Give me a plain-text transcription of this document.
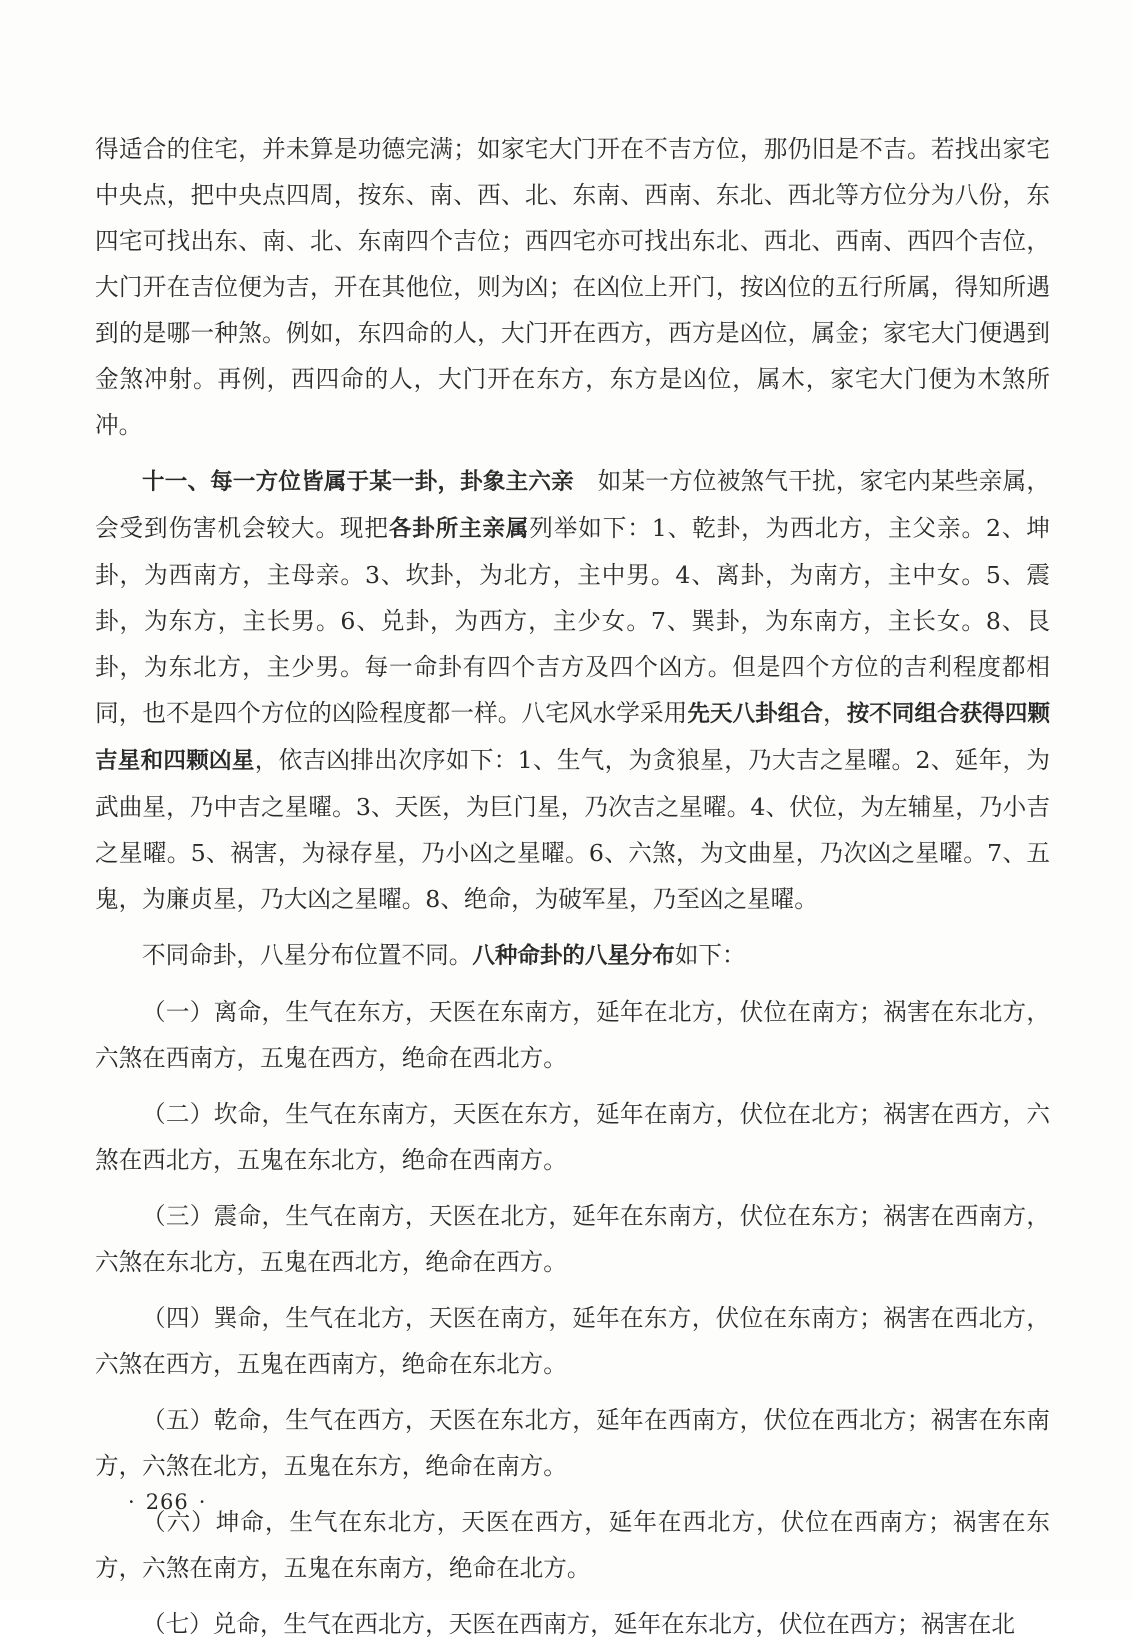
得适合的住宅，并未算是功德完满；如家宅大门开在不吉方位，那仍旧是不吉。若找出家宅中央点，把中央点四周，按东、南、西、北、东南、西南、东北、西北等方位分为八份，东四宅可找出东、南、北、东南四个吉位；西四宅亦可找出东北、西北、西南、西四个吉位，大门开在吉位便为吉，开在其他位，则为凶；在凶位上开门，按凶位的五行所属，得知所遇到的是哪一种煞。例如，东四命的人，大门开在西方，西方是凶位，属金；家宅大门便遇到金煞冲射。再例，西四命的人，大门开在东方，东方是凶位，属木，家宅大门便为木煞所冲。

十一、每一方位皆属于某一卦，卦象主六亲　如某一方位被煞气干扰，家宅内某些亲属，会受到伤害机会较大。现把各卦所主亲属列举如下：1、乾卦，为西北方，主父亲。2、坤卦，为西南方，主母亲。3、坎卦，为北方，主中男。4、离卦，为南方，主中女。5、震卦，为东方，主长男。6、兑卦，为西方，主少女。7、巽卦，为东南方，主长女。8、艮卦，为东北方，主少男。每一命卦有四个吉方及四个凶方。但是四个方位的吉利程度都相同，也不是四个方位的凶险程度都一样。八宅风水学采用先天八卦组合，按不同组合获得四颗吉星和四颗凶星，依吉凶排出次序如下：1、生气，为贪狼星，乃大吉之星曜。2、延年，为武曲星，乃中吉之星曜。3、天医，为巨门星，乃次吉之星曜。4、伏位，为左辅星，乃小吉之星曜。5、祸害，为禄存星，乃小凶之星曜。6、六煞，为文曲星，乃次凶之星曜。7、五鬼，为廉贞星，乃大凶之星曜。8、绝命，为破军星，乃至凶之星曜。

不同命卦，八星分布位置不同。八种命卦的八星分布如下：

（一）离命，生气在东方，天医在东南方，延年在北方，伏位在南方；祸害在东北方，六煞在西南方，五鬼在西方，绝命在西北方。

（二）坎命，生气在东南方，天医在东方，延年在南方，伏位在北方；祸害在西方，六煞在西北方，五鬼在东北方，绝命在西南方。

（三）震命，生气在南方，天医在北方，延年在东南方，伏位在东方；祸害在西南方，六煞在东北方，五鬼在西北方，绝命在西方。

（四）巽命，生气在北方，天医在南方，延年在东方，伏位在东南方；祸害在西北方，六煞在西方，五鬼在西南方，绝命在东北方。

（五）乾命，生气在西方，天医在东北方，延年在西南方，伏位在西北方；祸害在东南方，六煞在北方，五鬼在东方，绝命在南方。

（六）坤命，生气在东北方，天医在西方，延年在西北方，伏位在西南方；祸害在东方，六煞在南方，五鬼在东南方，绝命在北方。

（七）兑命，生气在西北方，天医在西南方，延年在东北方，伏位在西方；祸害在北

· 266 ·
